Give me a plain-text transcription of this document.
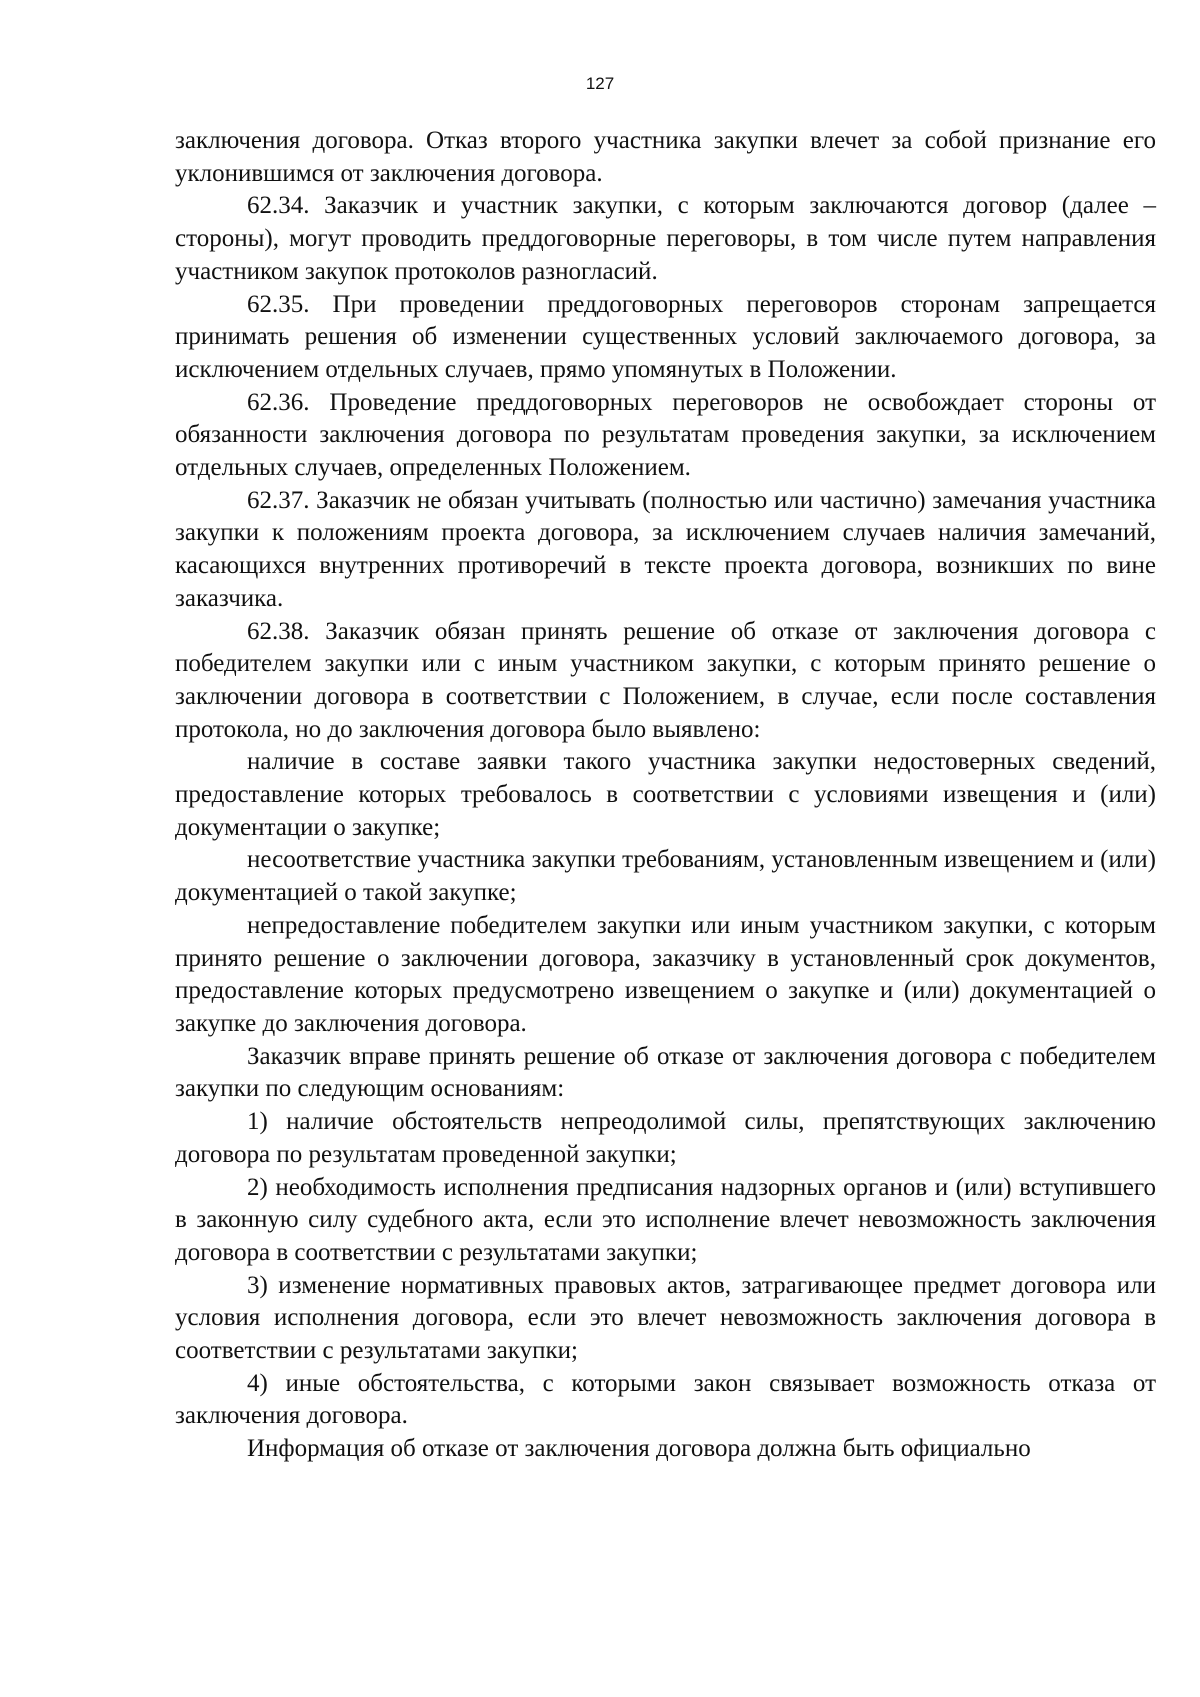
127

заключения договора. Отказ второго участника закупки влечет за собой признание его уклонившимся от заключения договора.

62.34. Заказчик и участник закупки, с которым заключаются договор (далее – стороны), могут проводить преддоговорные переговоры, в том числе путем направления участником закупок протоколов разногласий.

62.35. При проведении преддоговорных переговоров сторонам запрещается принимать решения об изменении существенных условий заключаемого договора, за исключением отдельных случаев, прямо упомянутых в Положении.

62.36. Проведение преддоговорных переговоров не освобождает стороны от обязанности заключения договора по результатам проведения закупки, за исключением отдельных случаев, определенных Положением.

62.37. Заказчик не обязан учитывать (полностью или частично) замечания участника закупки к положениям проекта договора, за исключением случаев наличия замечаний, касающихся внутренних противоречий в тексте проекта договора, возникших по вине заказчика.

62.38. Заказчик обязан принять решение об отказе от заключения договора с победителем закупки или с иным участником закупки, с которым принято решение о заключении договора в соответствии с Положением, в случае, если после составления протокола, но до заключения договора было выявлено:

наличие в составе заявки такого участника закупки недостоверных сведений, предоставление которых требовалось в соответствии с условиями извещения и (или) документации о закупке;

несоответствие участника закупки требованиям, установленным извещением и (или) документацией о такой закупке;

непредоставление победителем закупки или иным участником закупки, с которым принято решение о заключении договора, заказчику в установленный срок документов, предоставление которых предусмотрено извещением о закупке и (или) документацией о закупке до заключения договора.

Заказчик вправе принять решение об отказе от заключения договора с победителем закупки по следующим основаниям:

1) наличие обстоятельств непреодолимой силы, препятствующих заключению договора по результатам проведенной закупки;

2) необходимость исполнения предписания надзорных органов и (или) вступившего в законную силу судебного акта, если это исполнение влечет невозможность заключения договора в соответствии с результатами закупки;

3) изменение нормативных правовых актов, затрагивающее предмет договора или условия исполнения договора, если это влечет невозможность заключения договора в соответствии с результатами закупки;

4) иные обстоятельства, с которыми закон связывает возможность отказа от заключения договора.

Информация об отказе от заключения договора должна быть официально
